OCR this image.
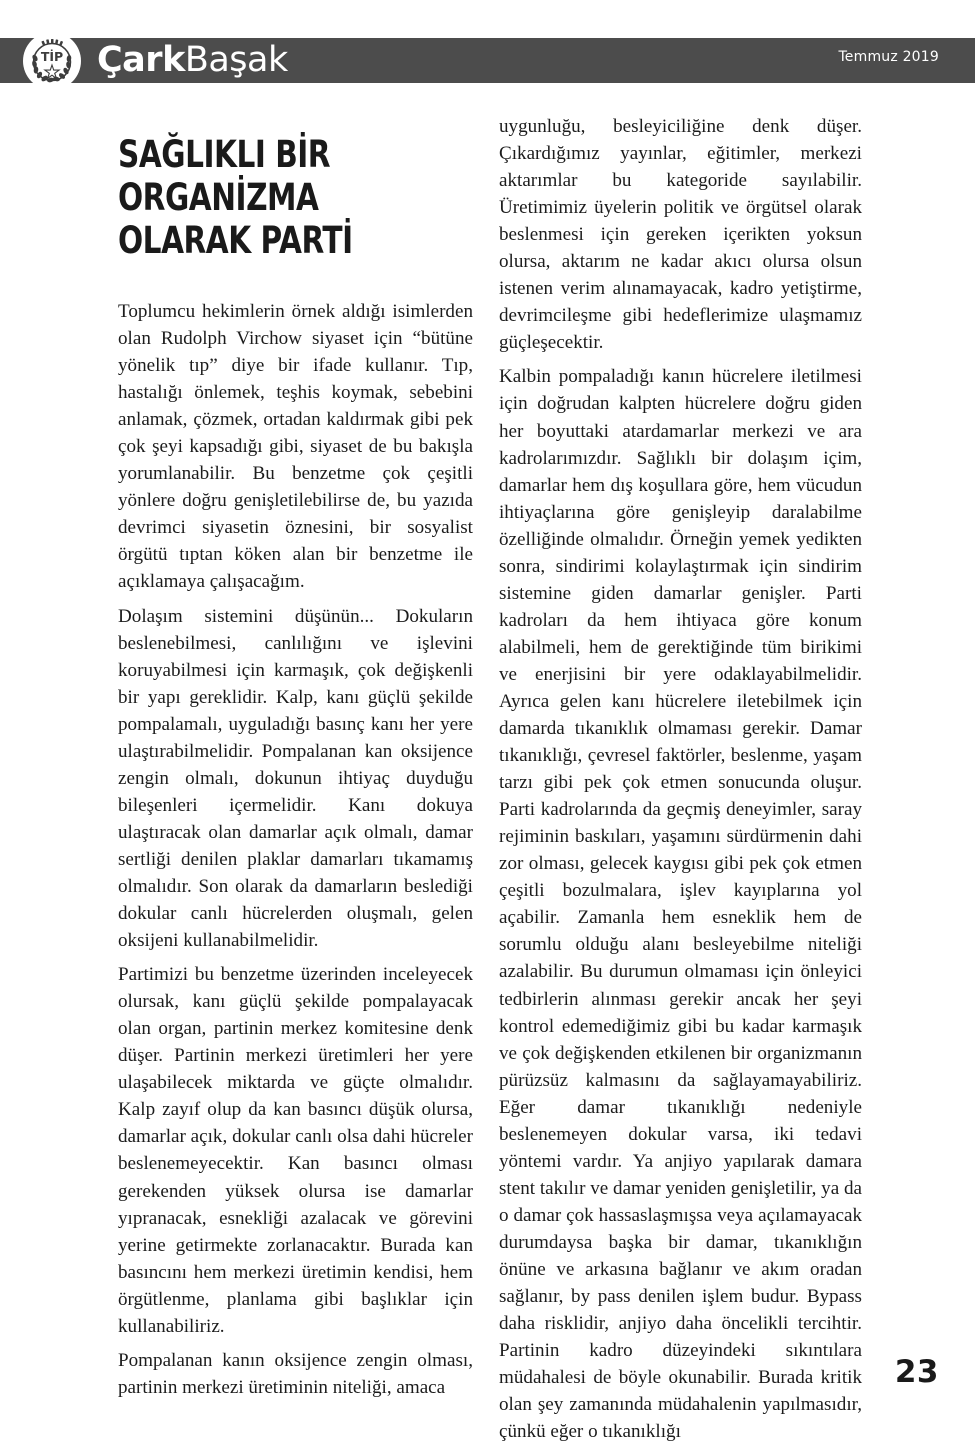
TİP ÇarkBaşak	Temmuz 2019
SAĞLIKLI BİR ORGANİZMA OLARAK PARTİ

Toplumcu hekimlerin örnek aldığı isimlerden olan Rudolph Virchow siyaset için “bütüne yönelik tıp” diye bir ifade kullanır. Tıp, hastalığı önlemek, teşhis koymak, sebebini anlamak, çözmek, ortadan kaldırmak gibi pek çok şeyi kapsadığı gibi, siyaset de bu bakışla yorumlanabilir. Bu benzetme çok çeşitli yönlere doğru genişletilebilirse de, bu yazıda devrimci siyasetin öznesini, bir sosyalist örgütü tıptan köken alan bir benzetme ile açıklamaya çalışacağım.

Dolaşım sistemini düşünün... Dokuların beslenebilmesi, canlılığını ve işlevini koruyabilmesi için karmaşık, çok değişkenli bir yapı gereklidir. Kalp, kanı güçlü şekilde pompalamalı, uyguladığı basınç kanı her yere ulaştırabilmelidir. Pompalanan kan oksijence zengin olmalı, dokunun ihtiyaç duyduğu bileşenleri içermelidir. Kanı dokuya ulaştıracak olan damarlar açık olmalı, damar sertliği denilen plaklar damarları tıkamamış olmalıdır. Son olarak da damarların beslediği dokular canlı hücrelerden oluşmalı, gelen oksijeni kullanabilmelidir.

Partimizi bu benzetme üzerinden inceleyecek olursak, kanı güçlü şekilde pompalayacak olan organ, partinin merkez komitesine denk düşer. Partinin merkezi üretimleri her yere ulaşabilecek miktarda ve güçte olmalıdır. Kalp zayıf olup da kan basıncı düşük olursa, damarlar açık, dokular canlı olsa dahi hücreler beslenemeyecektir. Kan basıncı olması gerekenden yüksek olursa ise damarlar yıpranacak, esnekliği azalacak ve görevini yerine getirmekte zorlanacaktır. Burada kan basıncını hem merkezi üretimin kendisi, hem örgütlenme, planlama gibi başlıklar için kullanabiliriz.

Pompalanan kanın oksijence zengin olması, partinin merkezi üretiminin niteliği, amaca

uygunluğu, besleyiciliğine denk düşer. Çıkardığımız yayınlar, eğitimler, merkezi aktarımlar bu kategoride sayılabilir. Üretimimiz üyelerin politik ve örgütsel olarak beslenmesi için gereken içerikten yoksun olursa, aktarım ne kadar akıcı olursa olsun istenen verim alınamayacak, kadro yetiştirme, devrimcileşme gibi hedeflerimize ulaşmamız güçleşecektir.

Kalbin pompaladığı kanın hücrelere iletilmesi için doğrudan kalpten hücrelere doğru giden her boyuttaki atardamarlar merkezi ve ara kadrolarımızdır. Sağlıklı bir dolaşım içim, damarlar hem dış koşullara göre, hem vücudun ihtiyaçlarına göre genişleyip daralabilme özelliğinde olmalıdır. Örneğin yemek yedikten sonra, sindirimi kolaylaştırmak için sindirim sistemine giden damarlar genişler. Parti kadroları da hem ihtiyaca göre konum alabilmeli, hem de gerektiğinde tüm birikimi ve enerjisini bir yere odaklayabilmelidir. Ayrıca gelen kanı hücrelere iletebilmek için damarda tıkanıklık olmaması gerekir. Damar tıkanıklığı, çevresel faktörler, beslenme, yaşam tarzı gibi pek çok etmen sonucunda oluşur. Parti kadrolarında da geçmiş deneyimler, saray rejiminin baskıları, yaşamını sürdürmenin dahi zor olması, gelecek kaygısı gibi pek çok etmen çeşitli bozulmalara, işlev kayıplarına yol açabilir. Zamanla hem esneklik hem de sorumlu olduğu alanı besleyebilme niteliği azalabilir. Bu durumun olmaması için önleyici tedbirlerin alınması gerekir ancak her şeyi kontrol edemediğimiz gibi bu kadar karmaşık ve çok değişkenden etkilenen bir organizmanın pürüzsüz kalmasını da sağlayamayabiliriz. Eğer damar tıkanıklığı nedeniyle beslenemeyen dokular varsa, iki tedavi yöntemi vardır. Ya anjiyo yapılarak damara stent takılır ve damar yeniden genişletilir, ya da o damar çok hassaslaşmışsa veya açılamayacak durumdaysa başka bir damar, tıkanıklığın önüne ve arkasına bağlanır ve akım oradan sağlanır, by pass denilen işlem budur. Bypass daha risklidir, anjiyo daha öncelikli tercihtir. Partinin kadro düzeyindeki sıkıntılara müdahalesi de böyle okunabilir. Burada kritik olan şey zamanında müdahalenin yapılmasıdır, çünkü eğer o tıkanıklığı

23
